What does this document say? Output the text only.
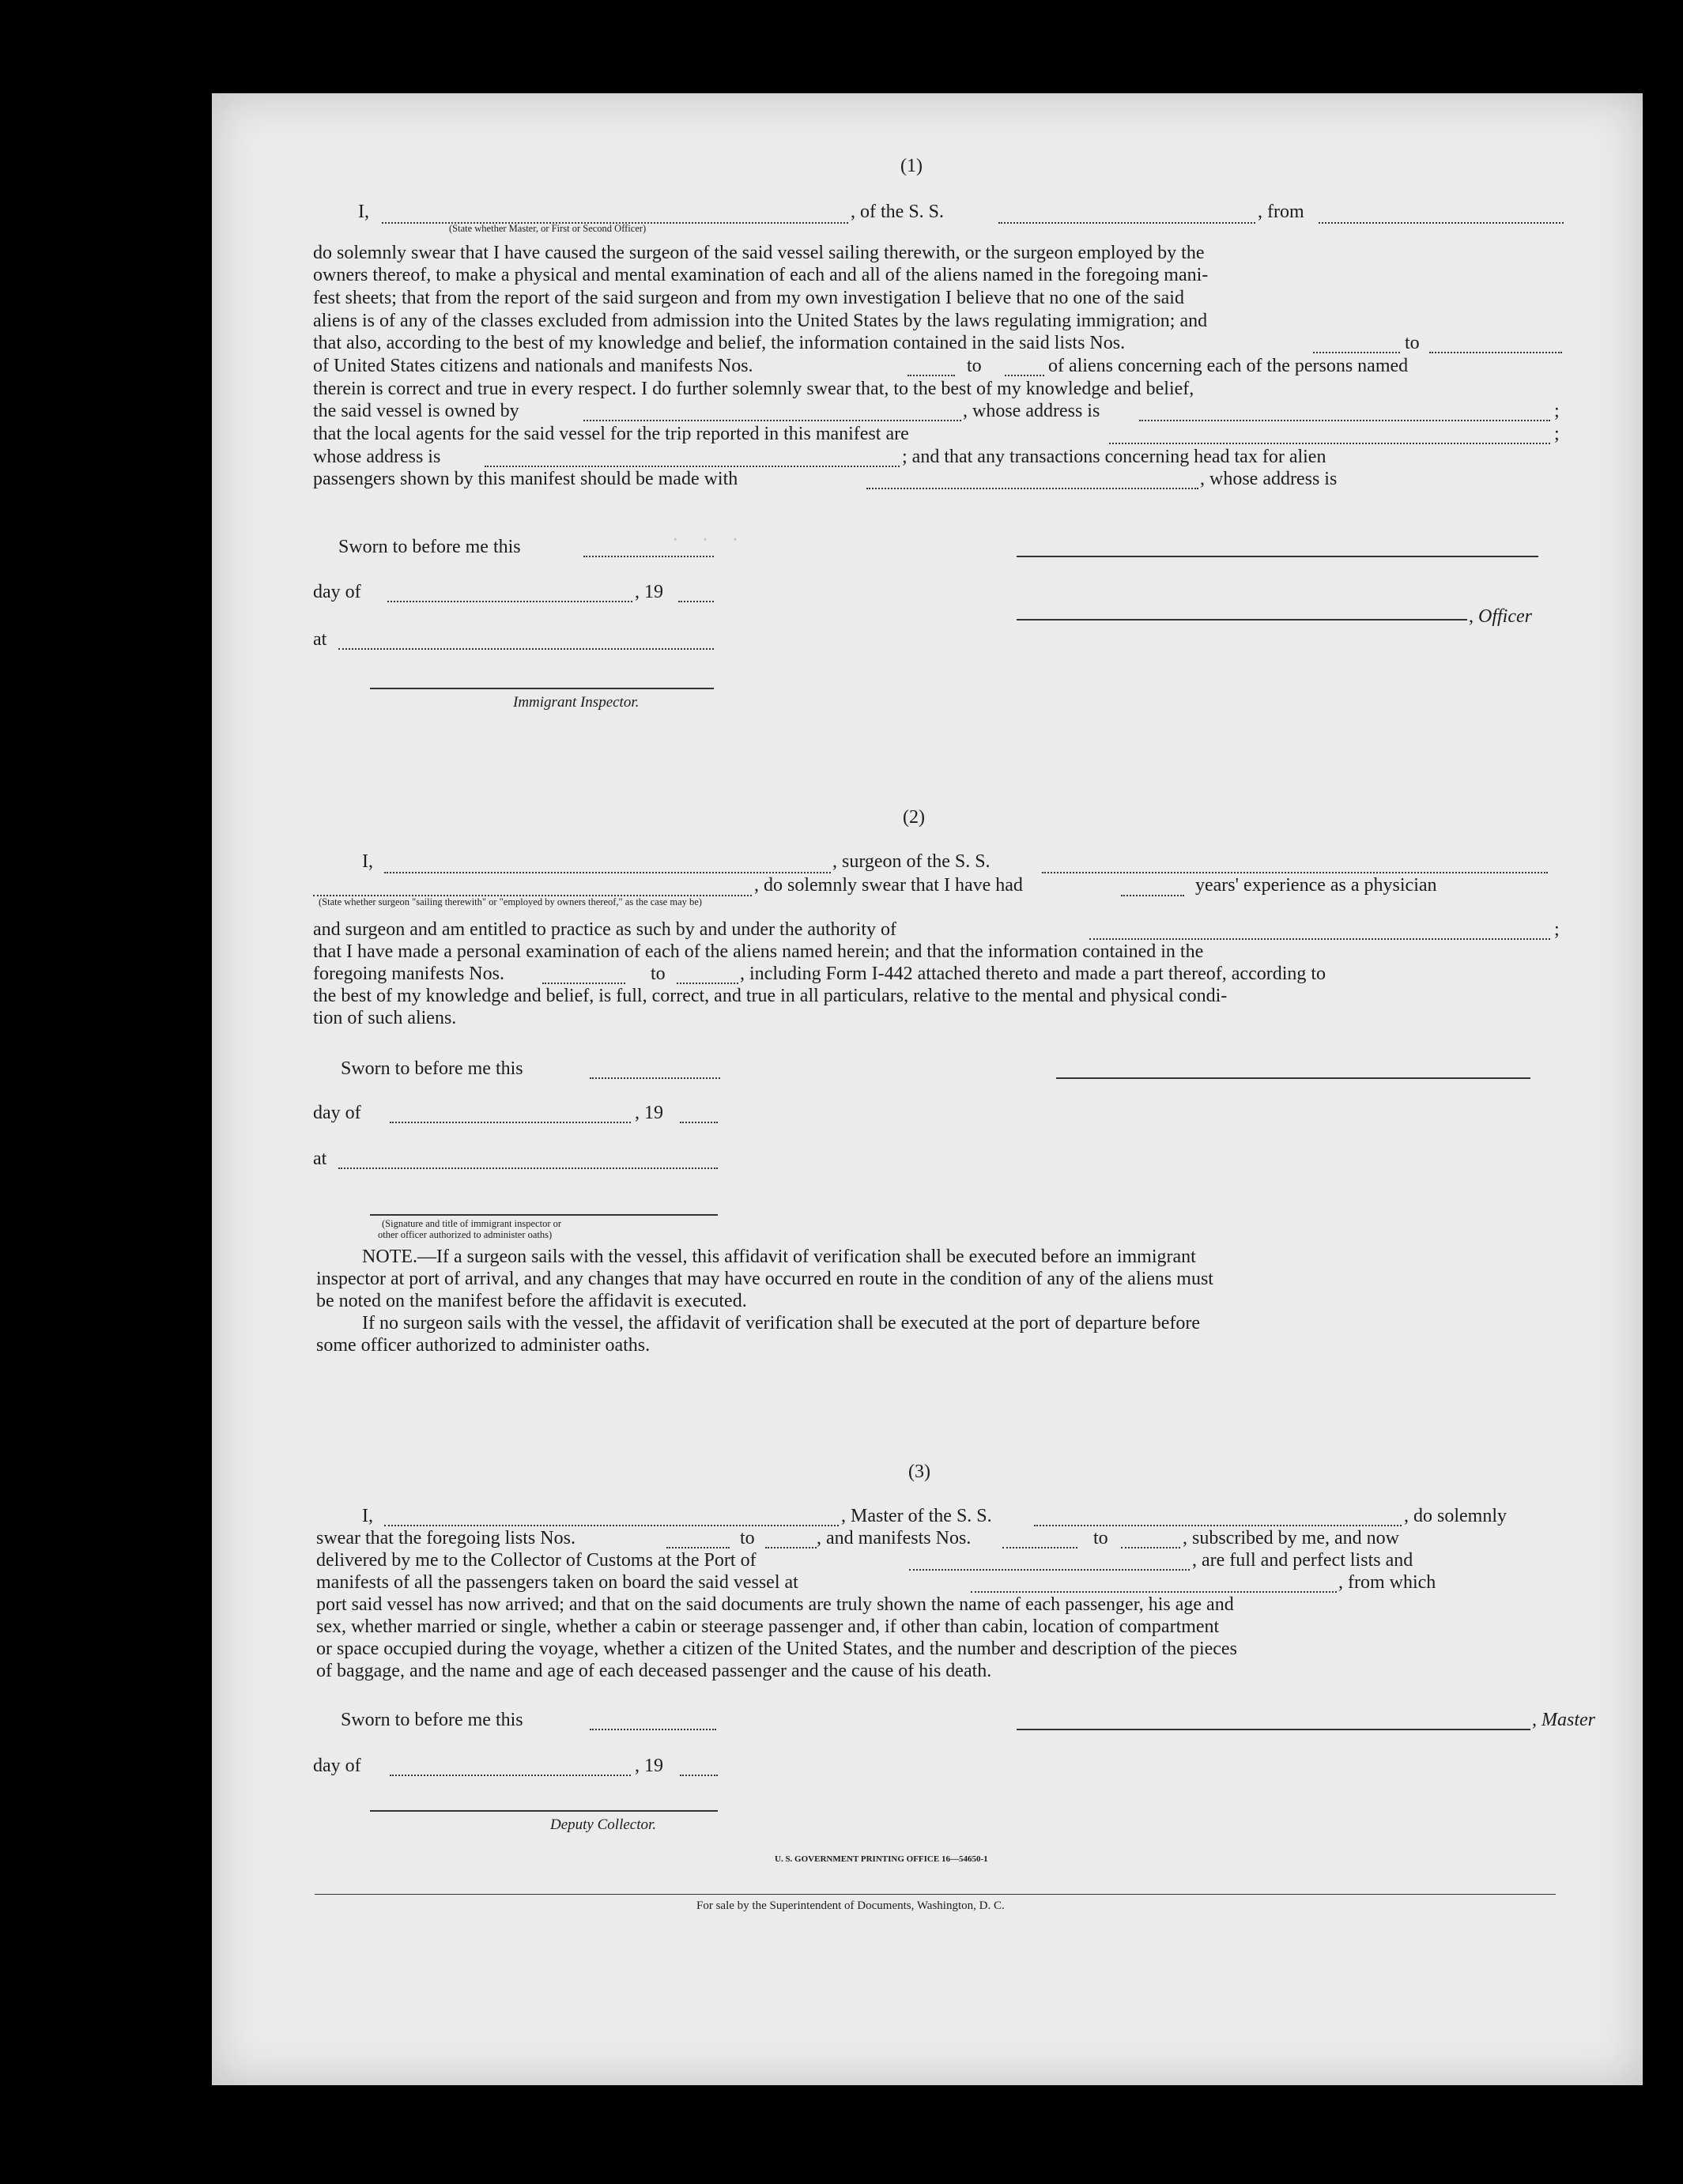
.  .  .
(1)
I,	, of the S. S.	, from
(State whether Master, or First or Second Officer)
do solemnly swear that I have caused the surgeon of the said vessel sailing therewith, or the surgeon employed by the
owners thereof, to make a physical and mental examination of each and all of the aliens named in the foregoing mani-
fest sheets; that from the report of the said surgeon and from my own investigation I believe that no one of the said
aliens is of any of the classes excluded from admission into the United States by the laws regulating immigration; and
that also, according to the best of my knowledge and belief, the information contained in the said lists Nos.	to
of United States citizens and nationals and manifests Nos.	to	of aliens concerning each of the persons named
therein is correct and true in every respect. I do further solemnly swear that, to the best of my knowledge and belief,
the said vessel is owned by	, whose address is	;
that the local agents for the said vessel for the trip reported in this manifest are	;
whose address is	; and that any transactions concerning head tax for alien
passengers shown by this manifest should be made with	, whose address is
Sworn to before me this
day of	, 19
, Officer
at
Immigrant Inspector.
(2)
I,	, surgeon of the S. S.
, do solemnly swear that I have had	years' experience as a physician
(State whether surgeon "sailing therewith" or "employed by owners thereof," as the case may be)
and surgeon and am entitled to practice as such by and under the authority of	;
that I have made a personal examination of each of the aliens named herein; and that the information contained in the
foregoing manifests Nos.	to	, including Form I-442 attached thereto and made a part thereof, according to
the best of my knowledge and belief, is full, correct, and true in all particulars, relative to the mental and physical condi-
tion of such aliens.
Sworn to before me this
day of	, 19
at
(Signature and title of immigrant inspector or
other officer authorized to administer oaths)
NOTE.—If a surgeon sails with the vessel, this affidavit of verification shall be executed before an immigrant
inspector at port of arrival, and any changes that may have occurred en route in the condition of any of the aliens must
be noted on the manifest before the affidavit is executed.
If no surgeon sails with the vessel, the affidavit of verification shall be executed at the port of departure before
some officer authorized to administer oaths.
(3)
I,	, Master of the S. S.	, do solemnly
swear that the foregoing lists Nos.	to	, and manifests Nos.	to	, subscribed by me, and now
delivered by me to the Collector of Customs at the Port of	, are full and perfect lists and
manifests of all the passengers taken on board the said vessel at	, from which
port said vessel has now arrived; and that on the said documents are truly shown the name of each passenger, his age and
sex, whether married or single, whether a cabin or steerage passenger and, if other than cabin, location of compartment
or space occupied during the voyage, whether a citizen of the United States, and the number and description of the pieces
of baggage, and the name and age of each deceased passenger and the cause of his death.
Sworn to before me this	, Master
day of	, 19
Deputy Collector.
U. S. GOVERNMENT PRINTING OFFICE 16—54650-1
For sale by the Superintendent of Documents, Washington, D. C.
